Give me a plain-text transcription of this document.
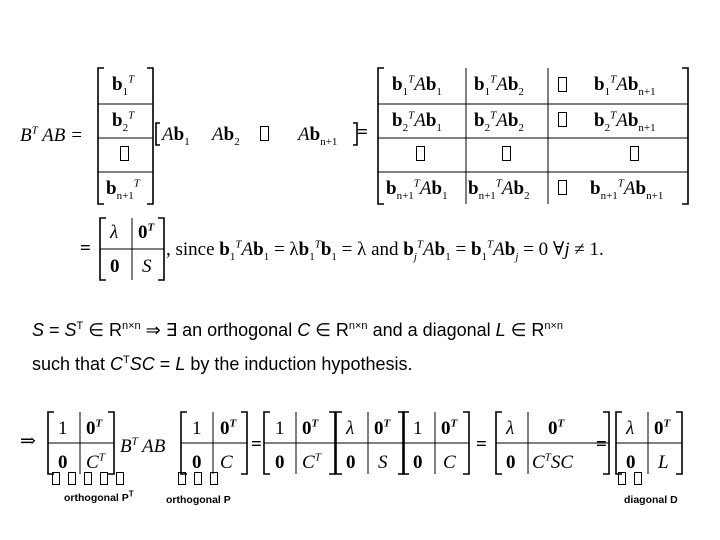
$B^T$ AB =
$b_1^T$
$b_2^T$
$b_{n+1}^T$
$Ab_1$ $Ab_2$	$Ab_{n+1}$ =
$b_1^TAb_1$ $b_1^TAb_2$	$b_1^TAb_{n+1}$
$b_2^TAb_1$ $b_2^TAb_2$	$b_2^TAb_{n+1}$
$b_{n+1}^TAb_1$ $b_{n+1}^TAb_2$	$b_{n+1}^TAb_{n+1}$
=
λ $0^T$
0 S
, since $b_1^TAb_1 = \lambda b_1^Tb_1 = \lambda$ and $b_j^TAb_1 = b_1^TAb_j = 0$ ∀j ≠ 1.
$S = S^T$ ∈ $R^{n\times n}$ ⇒ ∃ an orthogonal C ∈ $R^{n\times n}$ and a diagonal L ∈ $R^{n\times n}$
such that $C^TSC = L$ by the induction hypothesis.
⇒
1 $0^T$
0 $C^T$
$B^T$ AB
1 $0^T$
0 C
=
1 $0^T$
0 $C^T$
λ $0^T$
0 S
1 $0^T$
0 C
=
λ $0^T$
0 $C^TSC$
=
λ $0^T$
0 L

orthogonal $P^T$	orthogonal P	diagonal D
